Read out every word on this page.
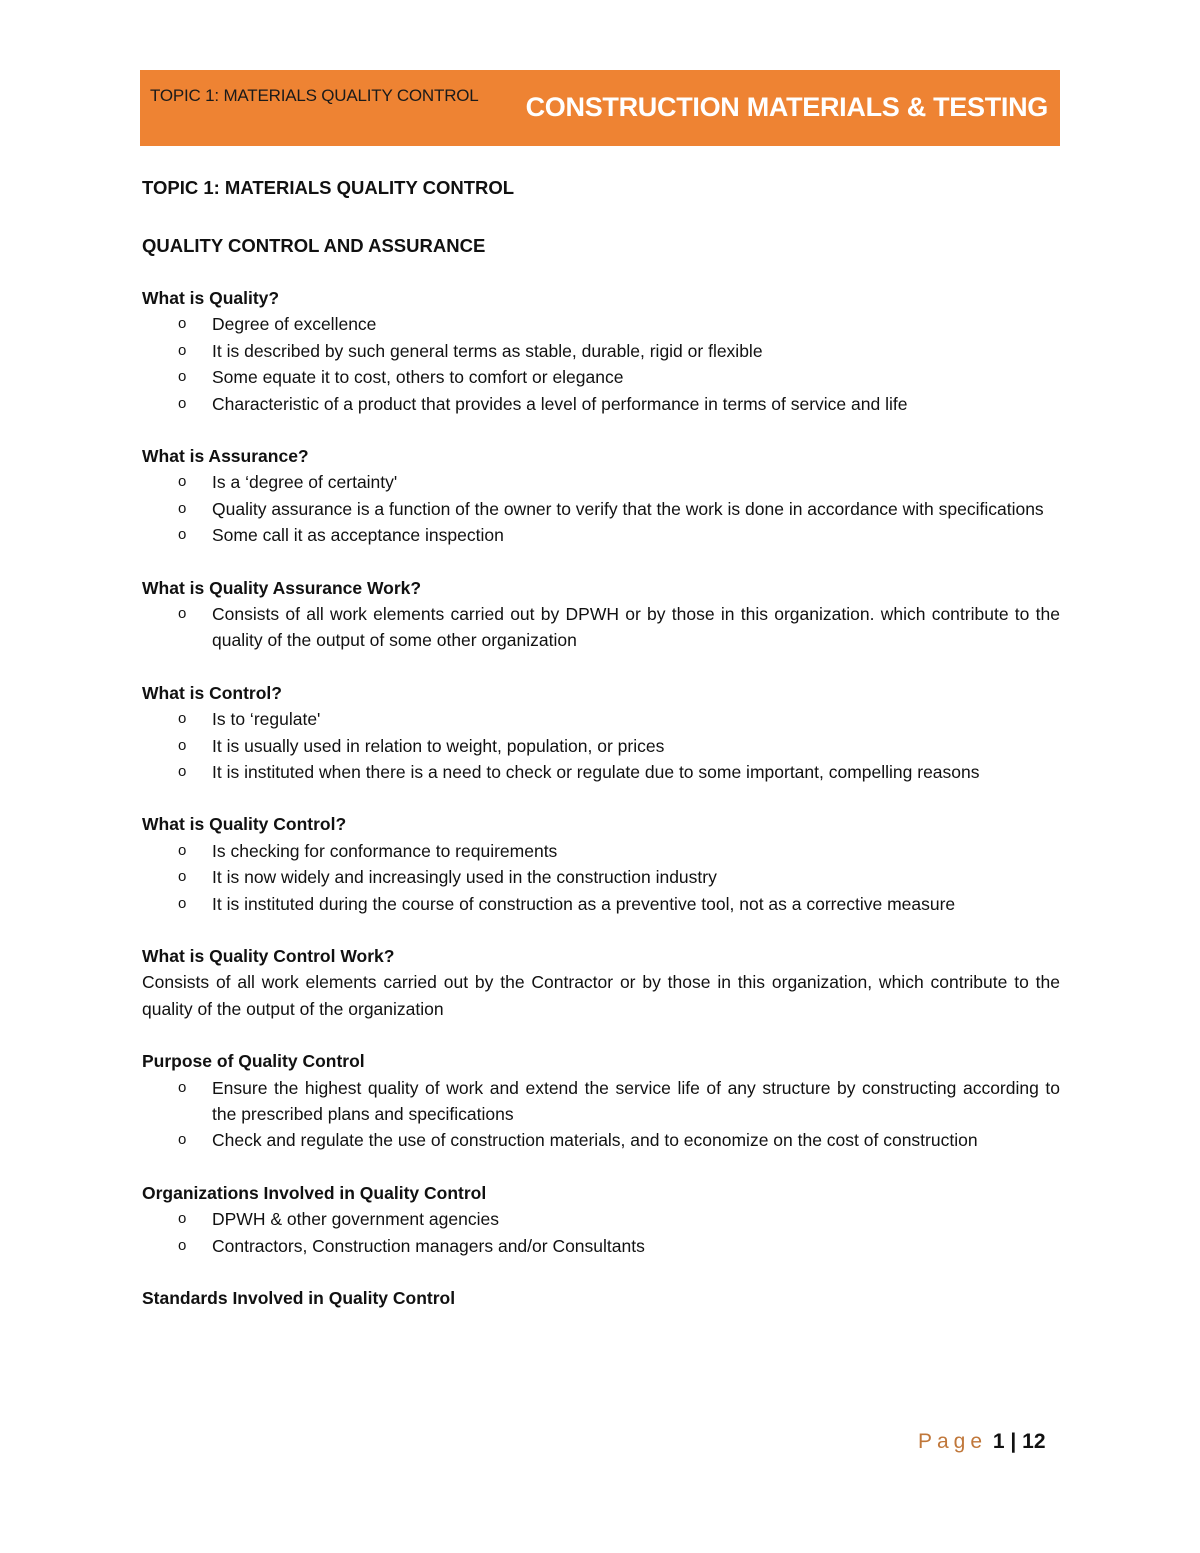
TOPIC 1: MATERIALS QUALITY CONTROL CONSTRUCTION MATERIALS & TESTING
TOPIC 1: MATERIALS QUALITY CONTROL
QUALITY CONTROL AND ASSURANCE
What is Quality?
o Degree of excellence
o It is described by such general terms as stable, durable, rigid or flexible
o Some equate it to cost, others to comfort or elegance
o Characteristic of a product that provides a level of performance in terms of service and life
What is Assurance?
o Is a ‘degree of certainty'
o Quality assurance is a function of the owner to verify that the work is done in accordance with specifications
o Some call it as acceptance inspection
What is Quality Assurance Work?
o Consists of all work elements carried out by DPWH or by those in this organization. which contribute to the quality of the output of some other organization
What is Control?
o Is to ‘regulate'
o It is usually used in relation to weight, population, or prices
o It is instituted when there is a need to check or regulate due to some important, compelling reasons
What is Quality Control?
o Is checking for conformance to requirements
o It is now widely and increasingly used in the construction industry
o It is instituted during the course of construction as a preventive tool, not as a corrective measure
What is Quality Control Work?
Consists of all work elements carried out by the Contractor or by those in this organization, which contribute to the quality of the output of the organization
Purpose of Quality Control
o Ensure the highest quality of work and extend the service life of any structure by constructing according to the prescribed plans and specifications
o Check and regulate the use of construction materials, and to economize on the cost of construction
Organizations Involved in Quality Control
o DPWH & other government agencies
o Contractors, Construction managers and/or Consultants
Standards Involved in Quality Control
Page 1 | 12
